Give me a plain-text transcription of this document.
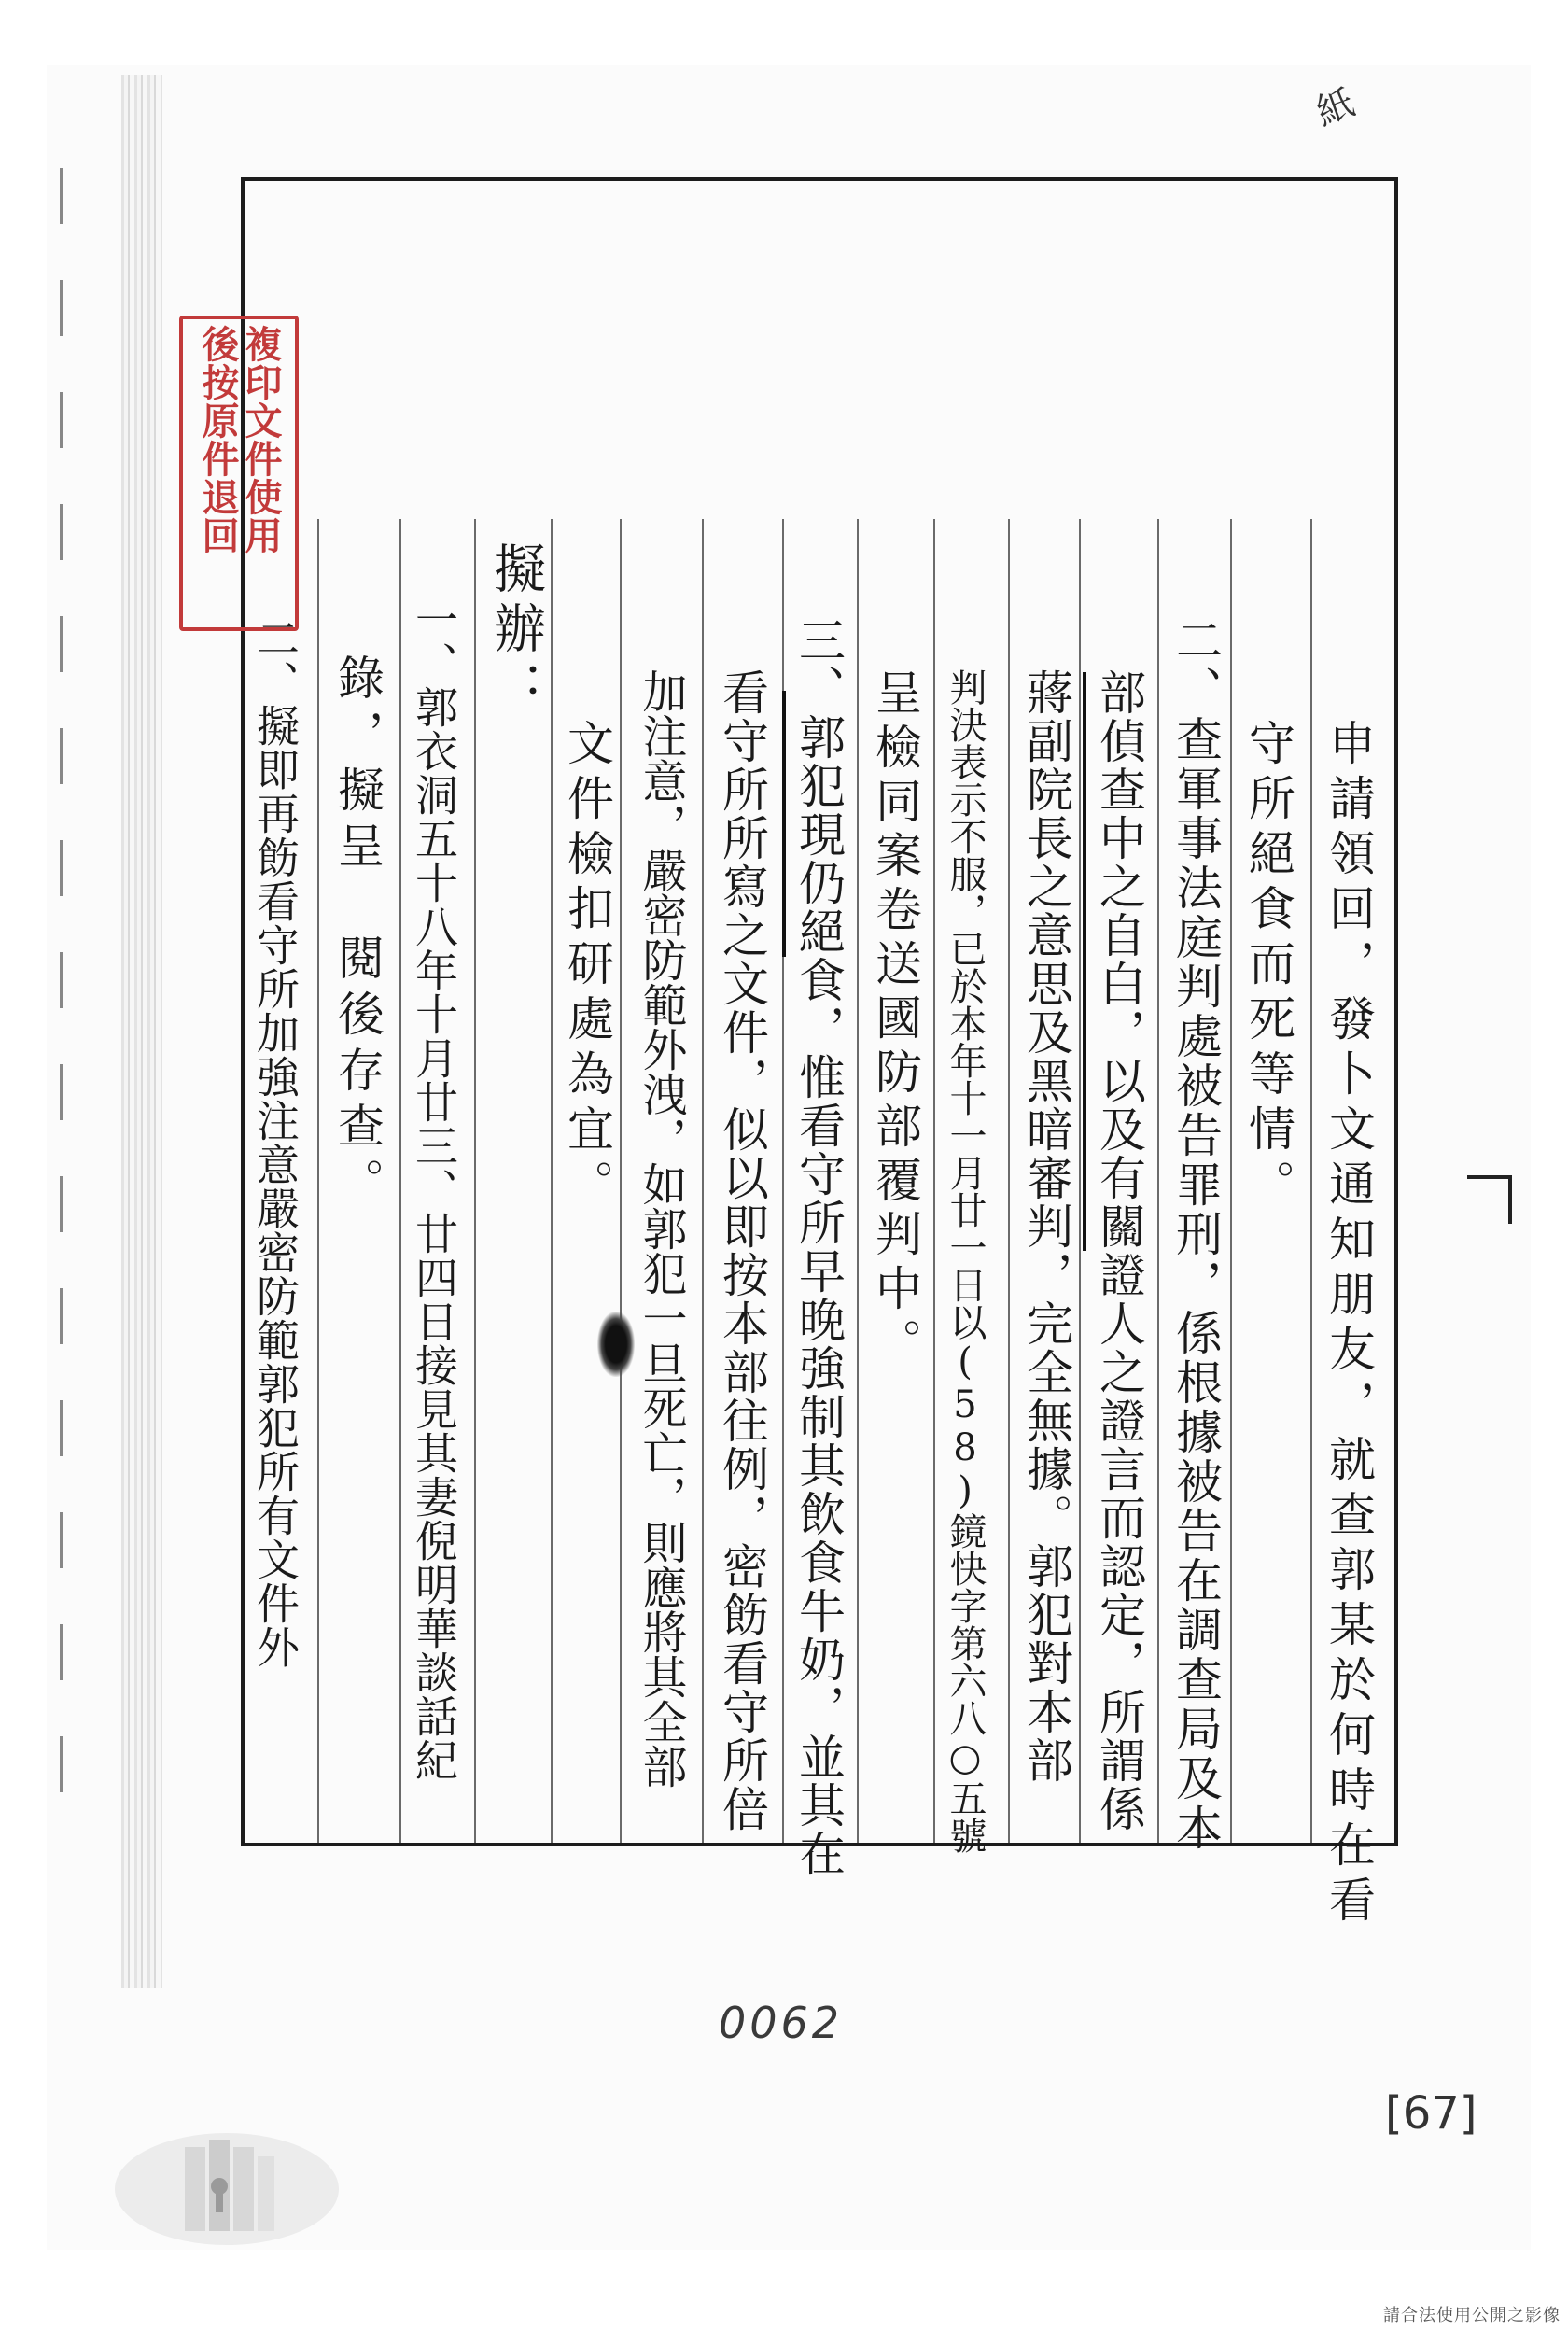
紙
申請領回，發卜文通知朋友，就查郭某於何時在看
守所絕食而死等情。
二、查軍事法庭判處被告罪刑，係根據被告在調查局及本
部偵查中之自白，以及有關證人之證言而認定，所謂係
蔣副院長之意思及黑暗審判，完全無據。郭犯對本部
判決表示不服，已於本年十一月廿一日以(58)鏡快字第六八○五號
呈檢同案卷送國防部覆判中。
三、郭犯現仍絕食，惟看守所早晚強制其飲食牛奶，並其在
看守所所寫之文件，似以即按本部往例，密飭看守所倍
加注意，嚴密防範外洩，如郭犯一旦死亡，則應將其全部
文件檢扣研處為宜。
擬辦：
一、郭衣洞五十八年十月廿三、廿四日接見其妻倪明華談話紀
錄，擬呈　閱後存查。
二、擬即再飭看守所加強注意嚴密防範郭犯所有文件外
複印文件使用
後按原件退回
0062
[67]
請合法使用公開之影像
